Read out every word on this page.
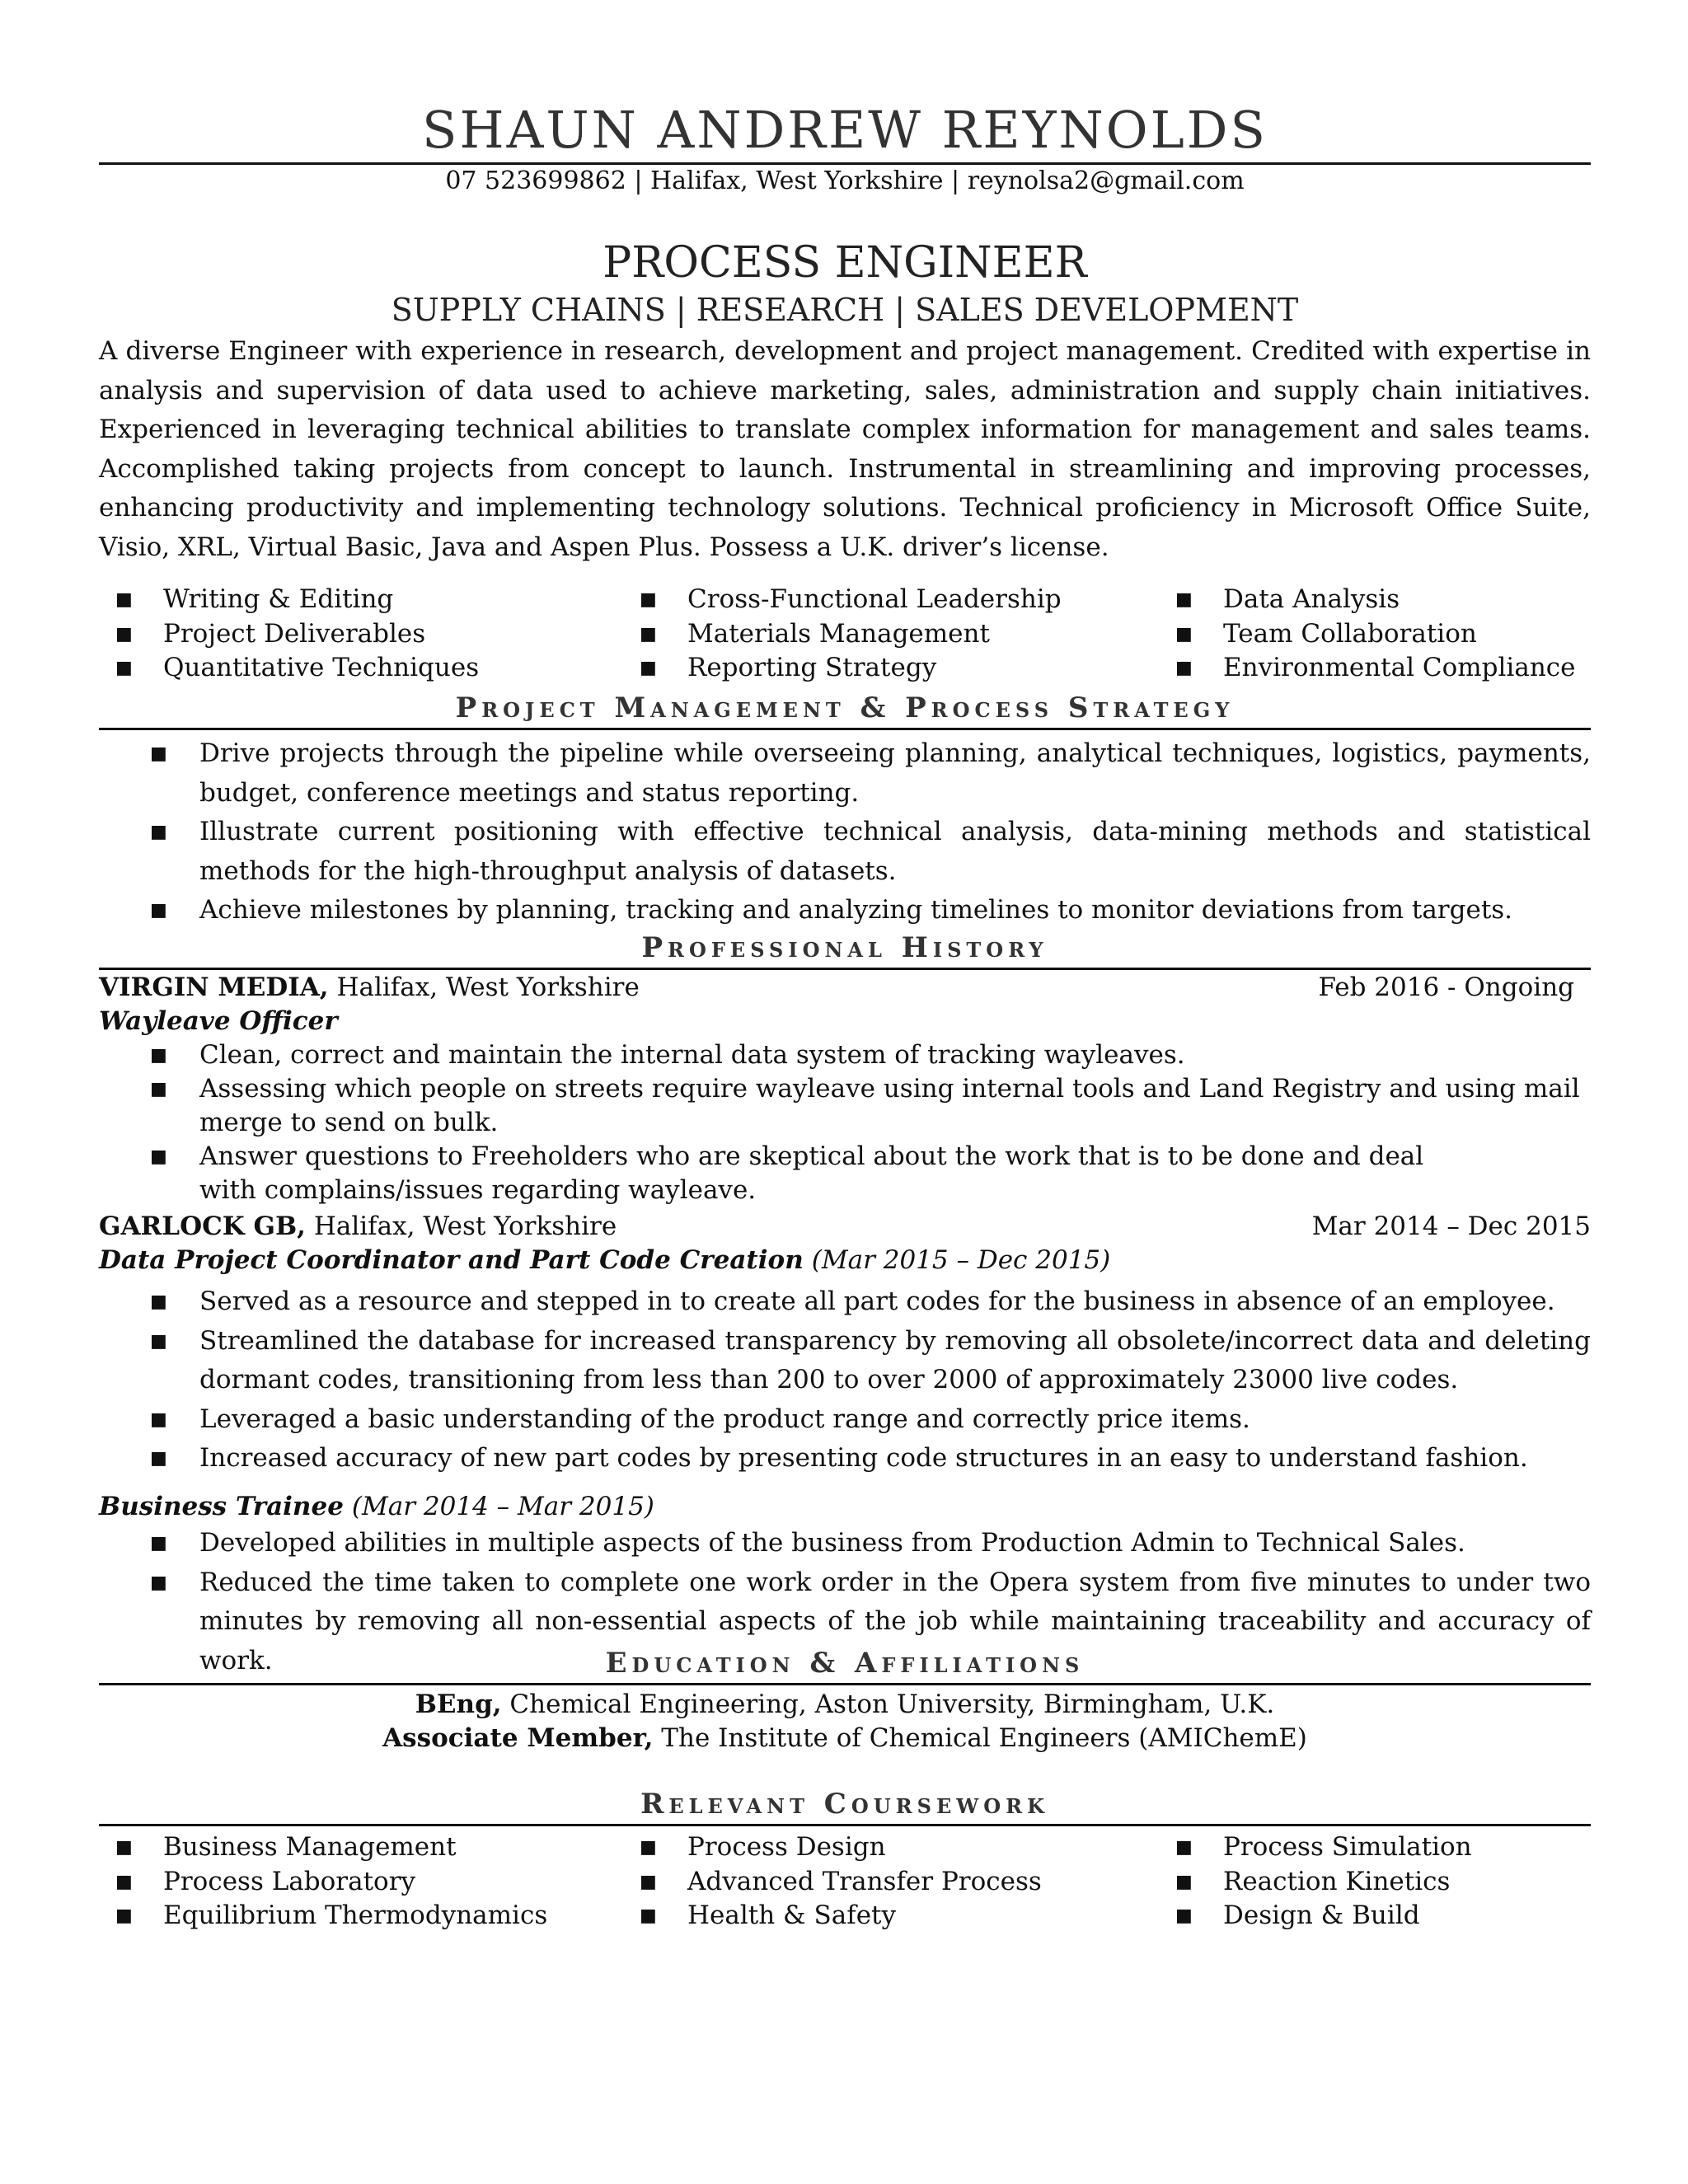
SHAUN ANDREW REYNOLDS
07 523699862 | Halifax, West Yorkshire | reynolsa2@gmail.com
PROCESS ENGINEER
SUPPLY CHAINS | RESEARCH | SALES DEVELOPMENT
A diverse Engineer with experience in research, development and project management. Credited with expertise in analysis and supervision of data used to achieve marketing, sales, administration and supply chain initiatives. Experienced in leveraging technical abilities to translate complex information for management and sales teams. Accomplished taking projects from concept to launch. Instrumental in streamlining and improving processes, enhancing productivity and implementing technology solutions. Technical proficiency in Microsoft Office Suite, Visio, XRL, Virtual Basic, Java and Aspen Plus. Possess a U.K. driver’s license.
■ Writing & Editing	■ Cross-Functional Leadership	■ Data Analysis
■ Project Deliverables	■ Materials Management	■ Team Collaboration
■ Quantitative Techniques	■ Reporting Strategy	■ Environmental Compliance
Project Management & Process Strategy
■ Drive projects through the pipeline while overseeing planning, analytical techniques, logistics, payments, budget, conference meetings and status reporting.
■ Illustrate current positioning with effective technical analysis, data-mining methods and statistical methods for the high-throughput analysis of datasets.
■ Achieve milestones by planning, tracking and analyzing timelines to monitor deviations from targets.
Professional History
VIRGIN MEDIA, Halifax, West Yorkshire	Feb 2016 - Ongoing
Wayleave Officer
■ Clean, correct and maintain the internal data system of tracking wayleaves.
■ Assessing which people on streets require wayleave using internal tools and Land Registry and using mail merge to send on bulk.
■ Answer questions to Freeholders who are skeptical about the work that is to be done and deal with complains/issues regarding wayleave.
GARLOCK GB, Halifax, West Yorkshire	Mar 2014 – Dec 2015
Data Project Coordinator and Part Code Creation (Mar 2015 – Dec 2015)
■ Served as a resource and stepped in to create all part codes for the business in absence of an employee.
■ Streamlined the database for increased transparency by removing all obsolete/incorrect data and deleting dormant codes, transitioning from less than 200 to over 2000 of approximately 23000 live codes.
■ Leveraged a basic understanding of the product range and correctly price items.
■ Increased accuracy of new part codes by presenting code structures in an easy to understand fashion.
Business Trainee (Mar 2014 – Mar 2015)
■ Developed abilities in multiple aspects of the business from Production Admin to Technical Sales.
■ Reduced the time taken to complete one work order in the Opera system from five minutes to under two minutes by removing all non-essential aspects of the job while maintaining traceability and accuracy of work.	Education & Affiliations
BEng, Chemical Engineering, Aston University, Birmingham, U.K.
Associate Member, The Institute of Chemical Engineers (AMIChemE)
Relevant Coursework
■ Business Management	■ Process Design	■ Process Simulation
■ Process Laboratory	■ Advanced Transfer Process	■ Reaction Kinetics
■ Equilibrium Thermodynamics	■ Health & Safety	■ Design & Build
